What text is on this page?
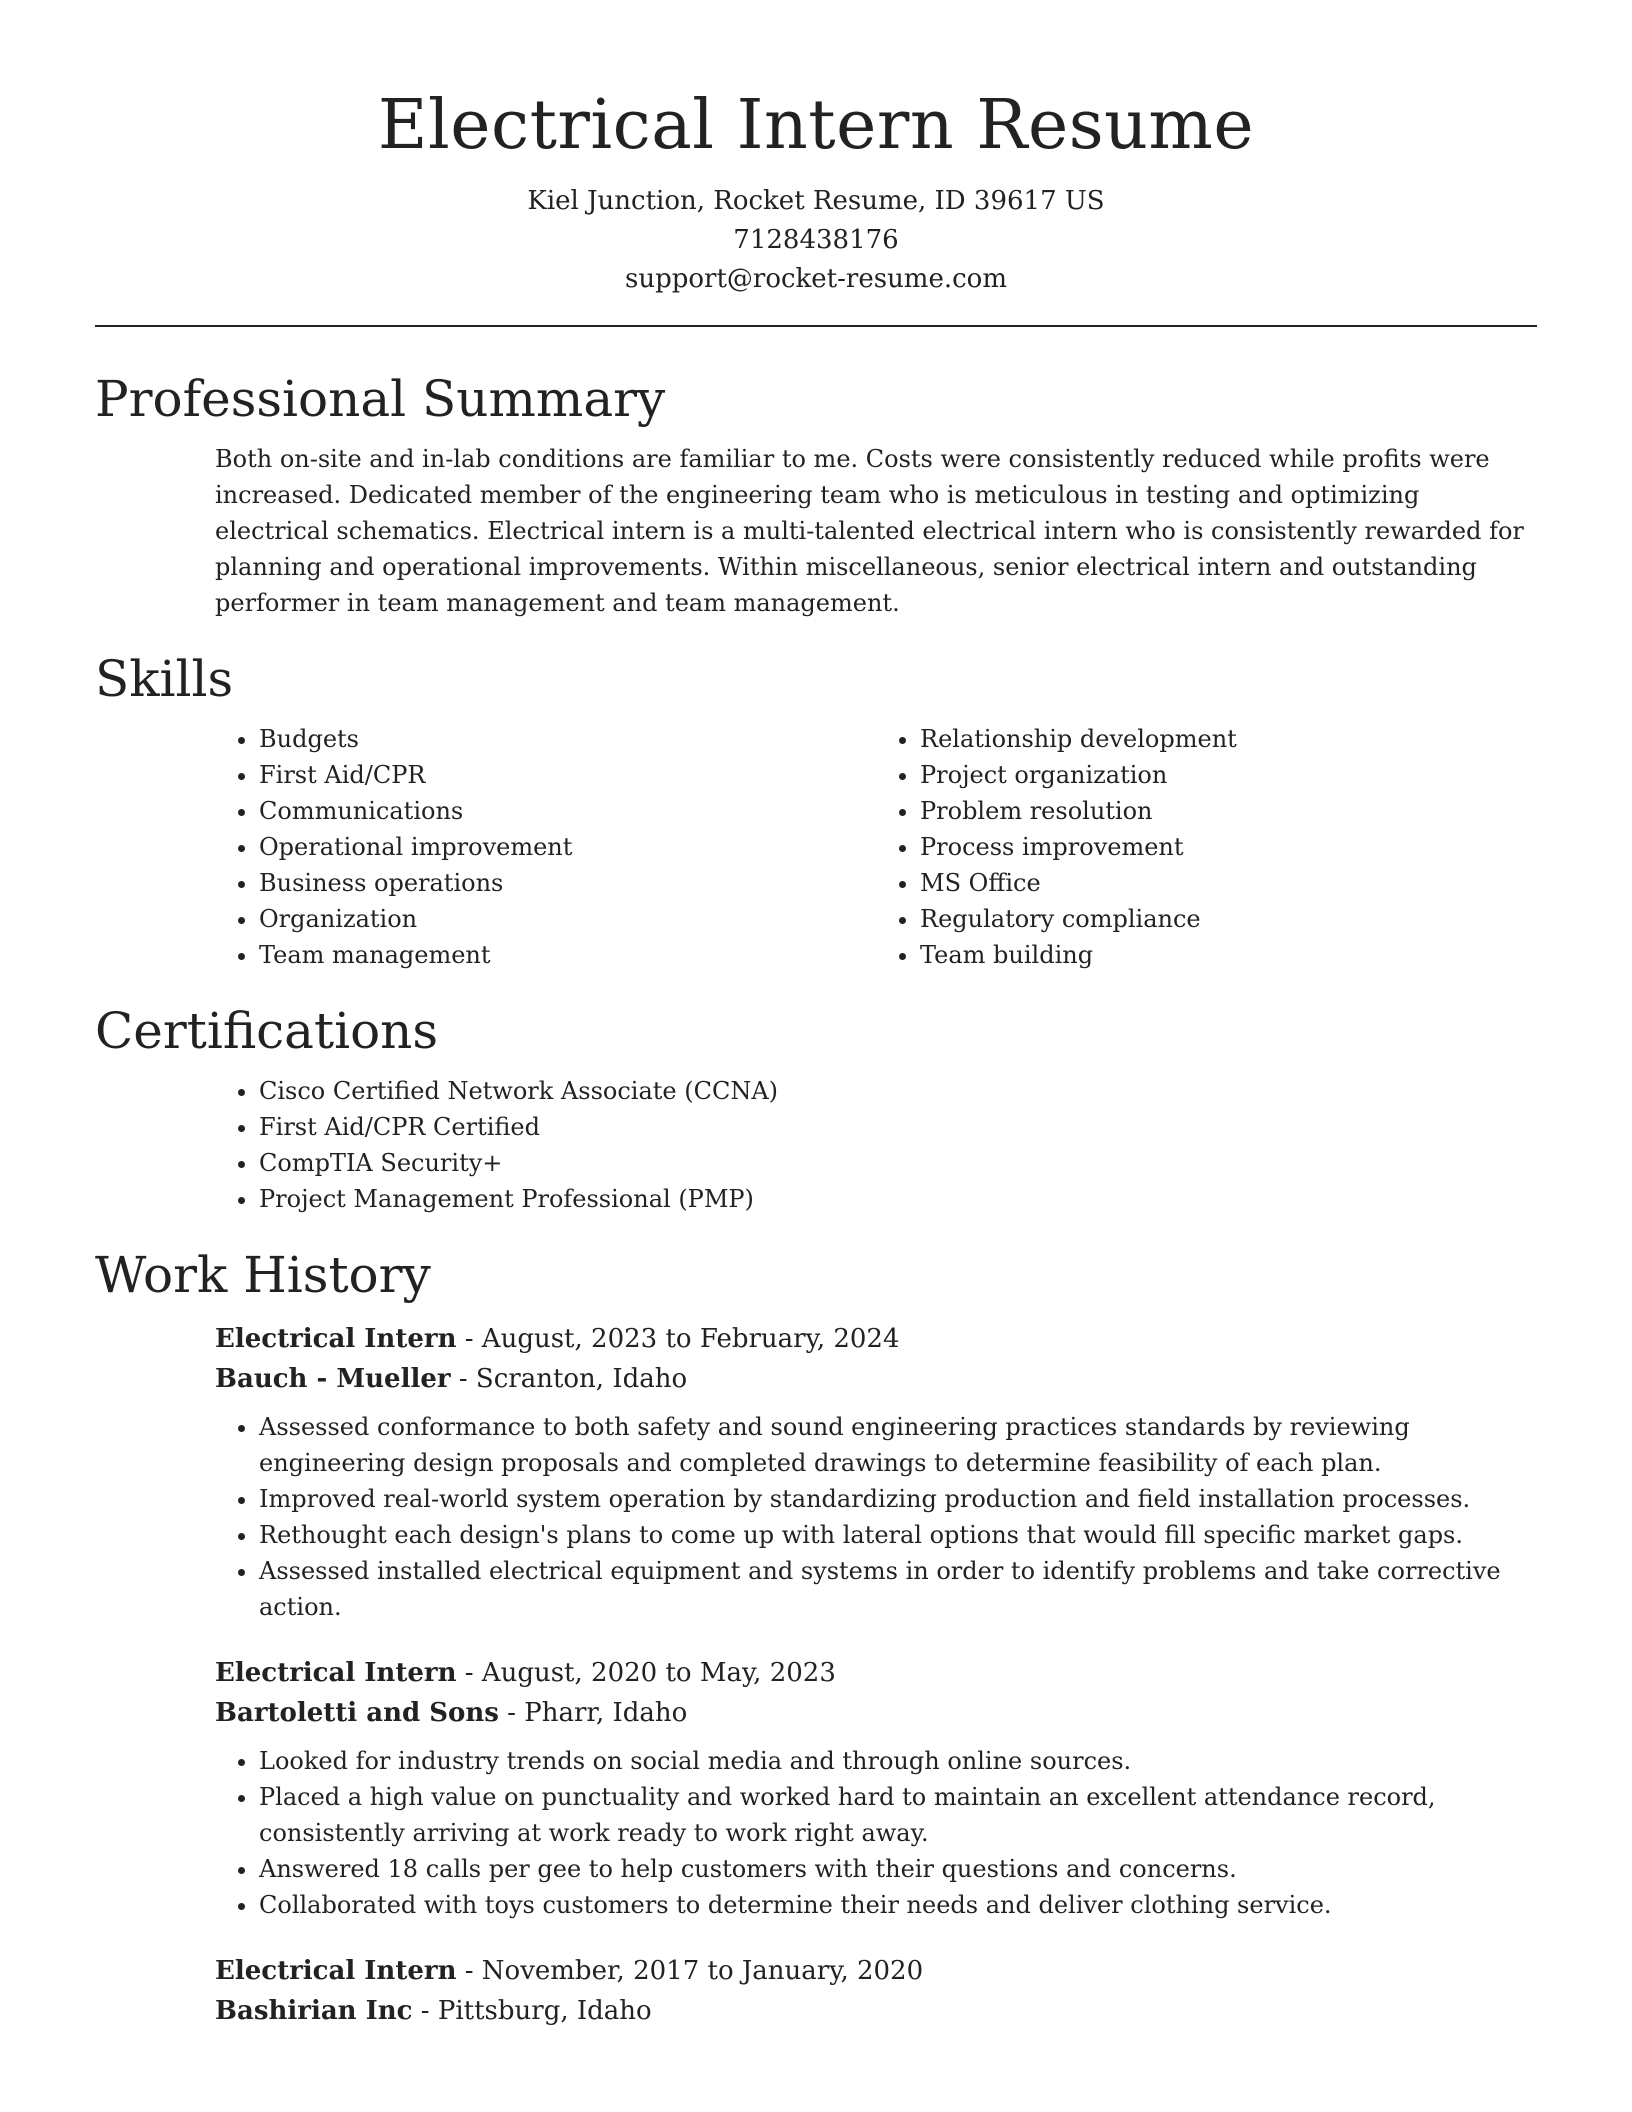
Electrical Intern Resume
Kiel Junction, Rocket Resume, ID 39617 US
7128438176
support@rocket-resume.com
Professional Summary

Both on-site and in-lab conditions are familiar to me. Costs were consistently reduced while profits were increased. Dedicated member of the engineering team who is meticulous in testing and optimizing electrical schematics. Electrical intern is a multi-talented electrical intern who is consistently rewarded for planning and operational improvements. Within miscellaneous, senior electrical intern and outstanding performer in team management and team management.

Skills
• Budgets
• First Aid/CPR
• Communications
• Operational improvement
• Business operations
• Organization
• Team management
• Relationship development
• Project organization
• Problem resolution
• Process improvement
• MS Office
• Regulatory compliance
• Team building
Certifications
• Cisco Certified Network Associate (CCNA)
• First Aid/CPR Certified
• CompTIA Security+
• Project Management Professional (PMP)
Work History
Electrical Intern - August, 2023 to February, 2024
Bauch - Mueller - Scranton, Idaho
• Assessed conformance to both safety and sound engineering practices standards by reviewing engineering design proposals and completed drawings to determine feasibility of each plan.
• Improved real-world system operation by standardizing production and field installation processes.
• Rethought each design's plans to come up with lateral options that would fill specific market gaps.
• Assessed installed electrical equipment and systems in order to identify problems and take corrective action.
Electrical Intern - August, 2020 to May, 2023
Bartoletti and Sons - Pharr, Idaho
• Looked for industry trends on social media and through online sources.
• Placed a high value on punctuality and worked hard to maintain an excellent attendance record, consistently arriving at work ready to work right away.
• Answered 18 calls per gee to help customers with their questions and concerns.
• Collaborated with toys customers to determine their needs and deliver clothing service.
Electrical Intern - November, 2017 to January, 2020
Bashirian Inc - Pittsburg, Idaho
